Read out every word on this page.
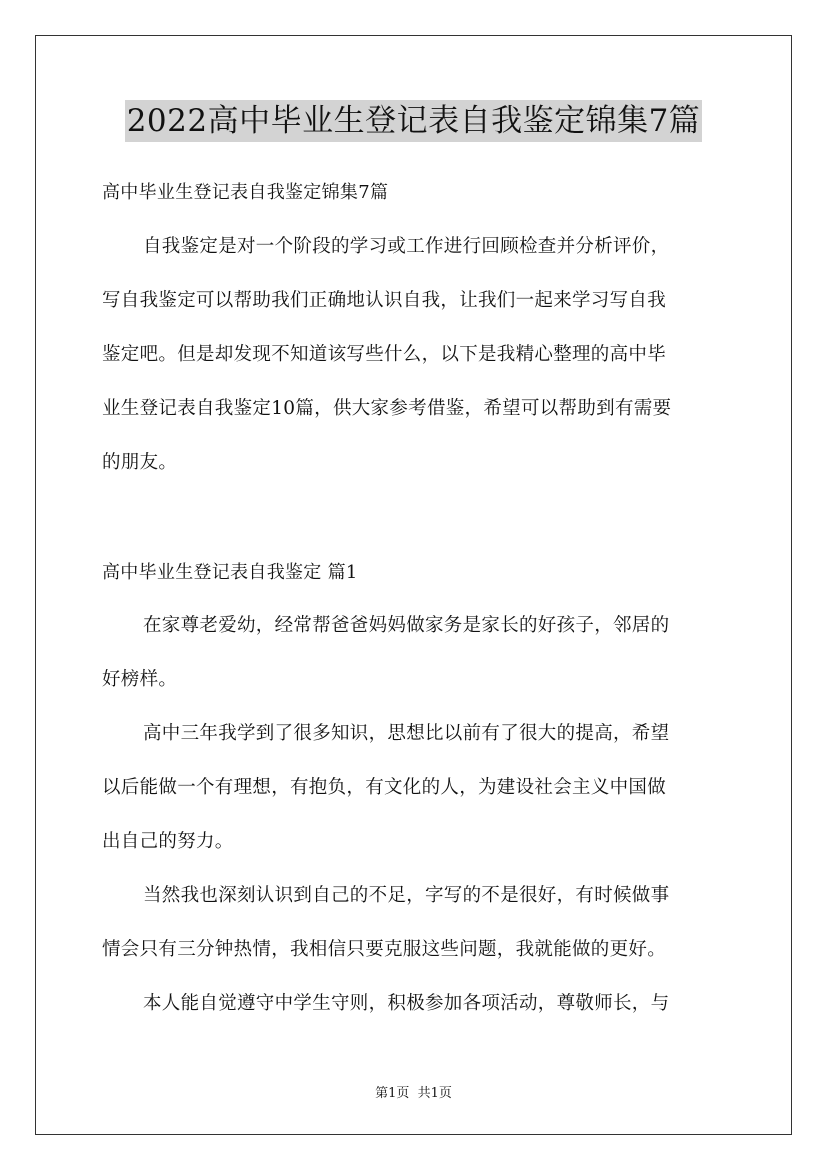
2022高中毕业生登记表自我鉴定锦集7篇
高中毕业生登记表自我鉴定锦集7篇
自我鉴定是对一个阶段的学习或工作进行回顾检查并分析评价，
写自我鉴定可以帮助我们正确地认识自我，让我们一起来学习写自我
鉴定吧。但是却发现不知道该写些什么，以下是我精心整理的高中毕
业生登记表自我鉴定10篇，供大家参考借鉴，希望可以帮助到有需要
的朋友。
高中毕业生登记表自我鉴定 篇1
在家尊老爱幼，经常帮爸爸妈妈做家务是家长的好孩子，邻居的
好榜样。
高中三年我学到了很多知识，思想比以前有了很大的提高，希望
以后能做一个有理想，有抱负，有文化的人，为建设社会主义中国做
出自己的努力。
当然我也深刻认识到自己的不足，字写的不是很好，有时候做事
情会只有三分钟热情，我相信只要克服这些问题，我就能做的更好。
本人能自觉遵守中学生守则，积极参加各项活动，尊敬师长，与
第1页  共1页
